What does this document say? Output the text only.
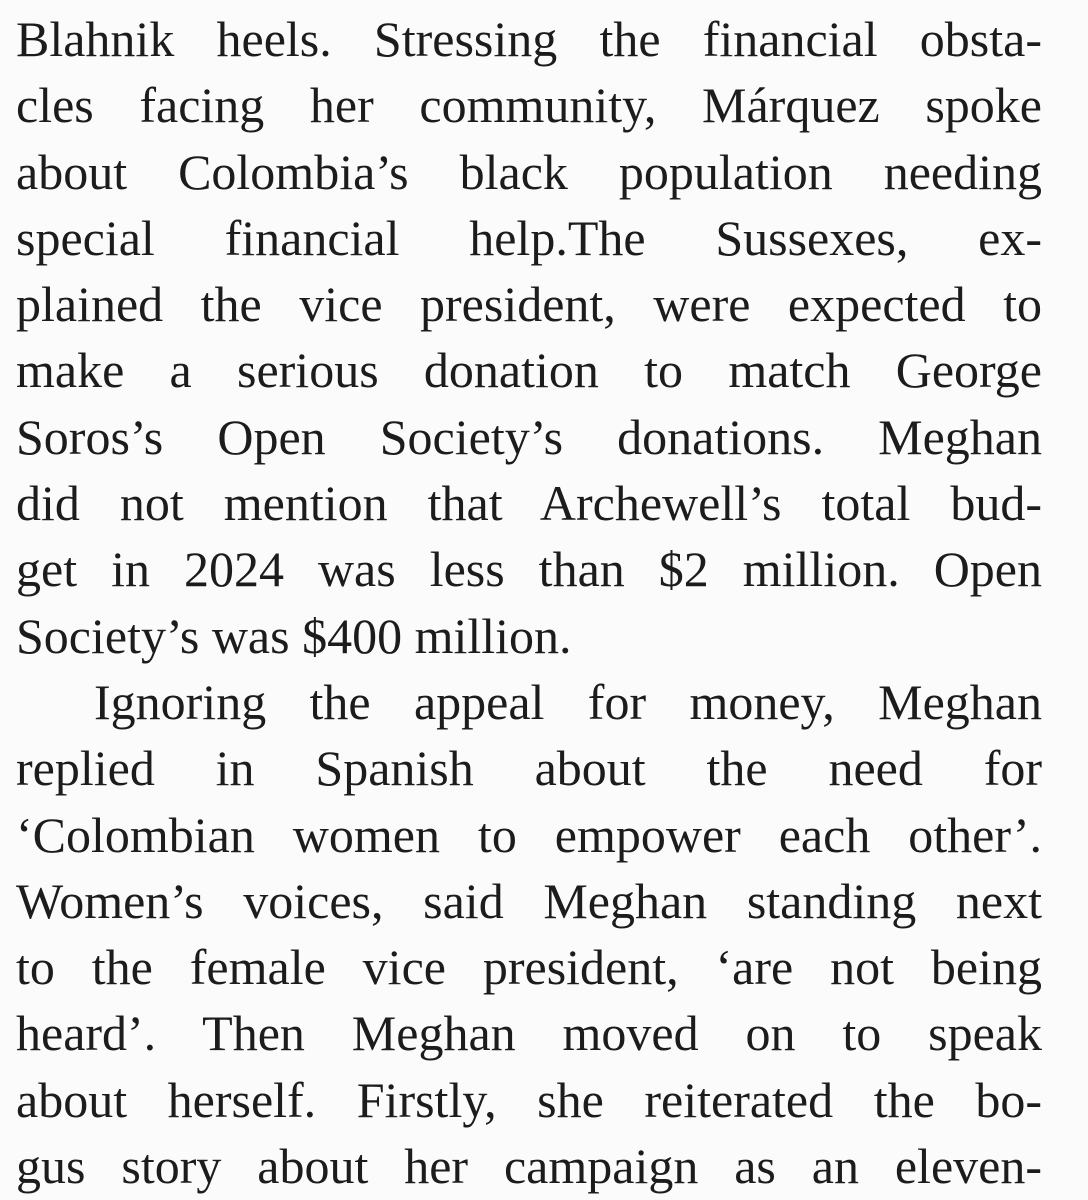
Blahnik heels. Stressing the financial obsta-
cles facing her community, Márquez spoke
about Colombia’s black population needing
special financial help.The Sussexes, ex-
plained the vice president, were expected to
make a serious donation to match George
Soros’s Open Society’s donations. Meghan
did not mention that Archewell’s total bud-
get in 2024 was less than $2 million. Open
Society’s was $400 million.
Ignoring the appeal for money, Meghan
replied in Spanish about the need for
‘Colombian women to empower each other’.
Women’s voices, said Meghan standing next
to the female vice president, ‘are not being
heard’. Then Meghan moved on to speak
about herself. Firstly, she reiterated the bo-
gus story about her campaign as an eleven-
